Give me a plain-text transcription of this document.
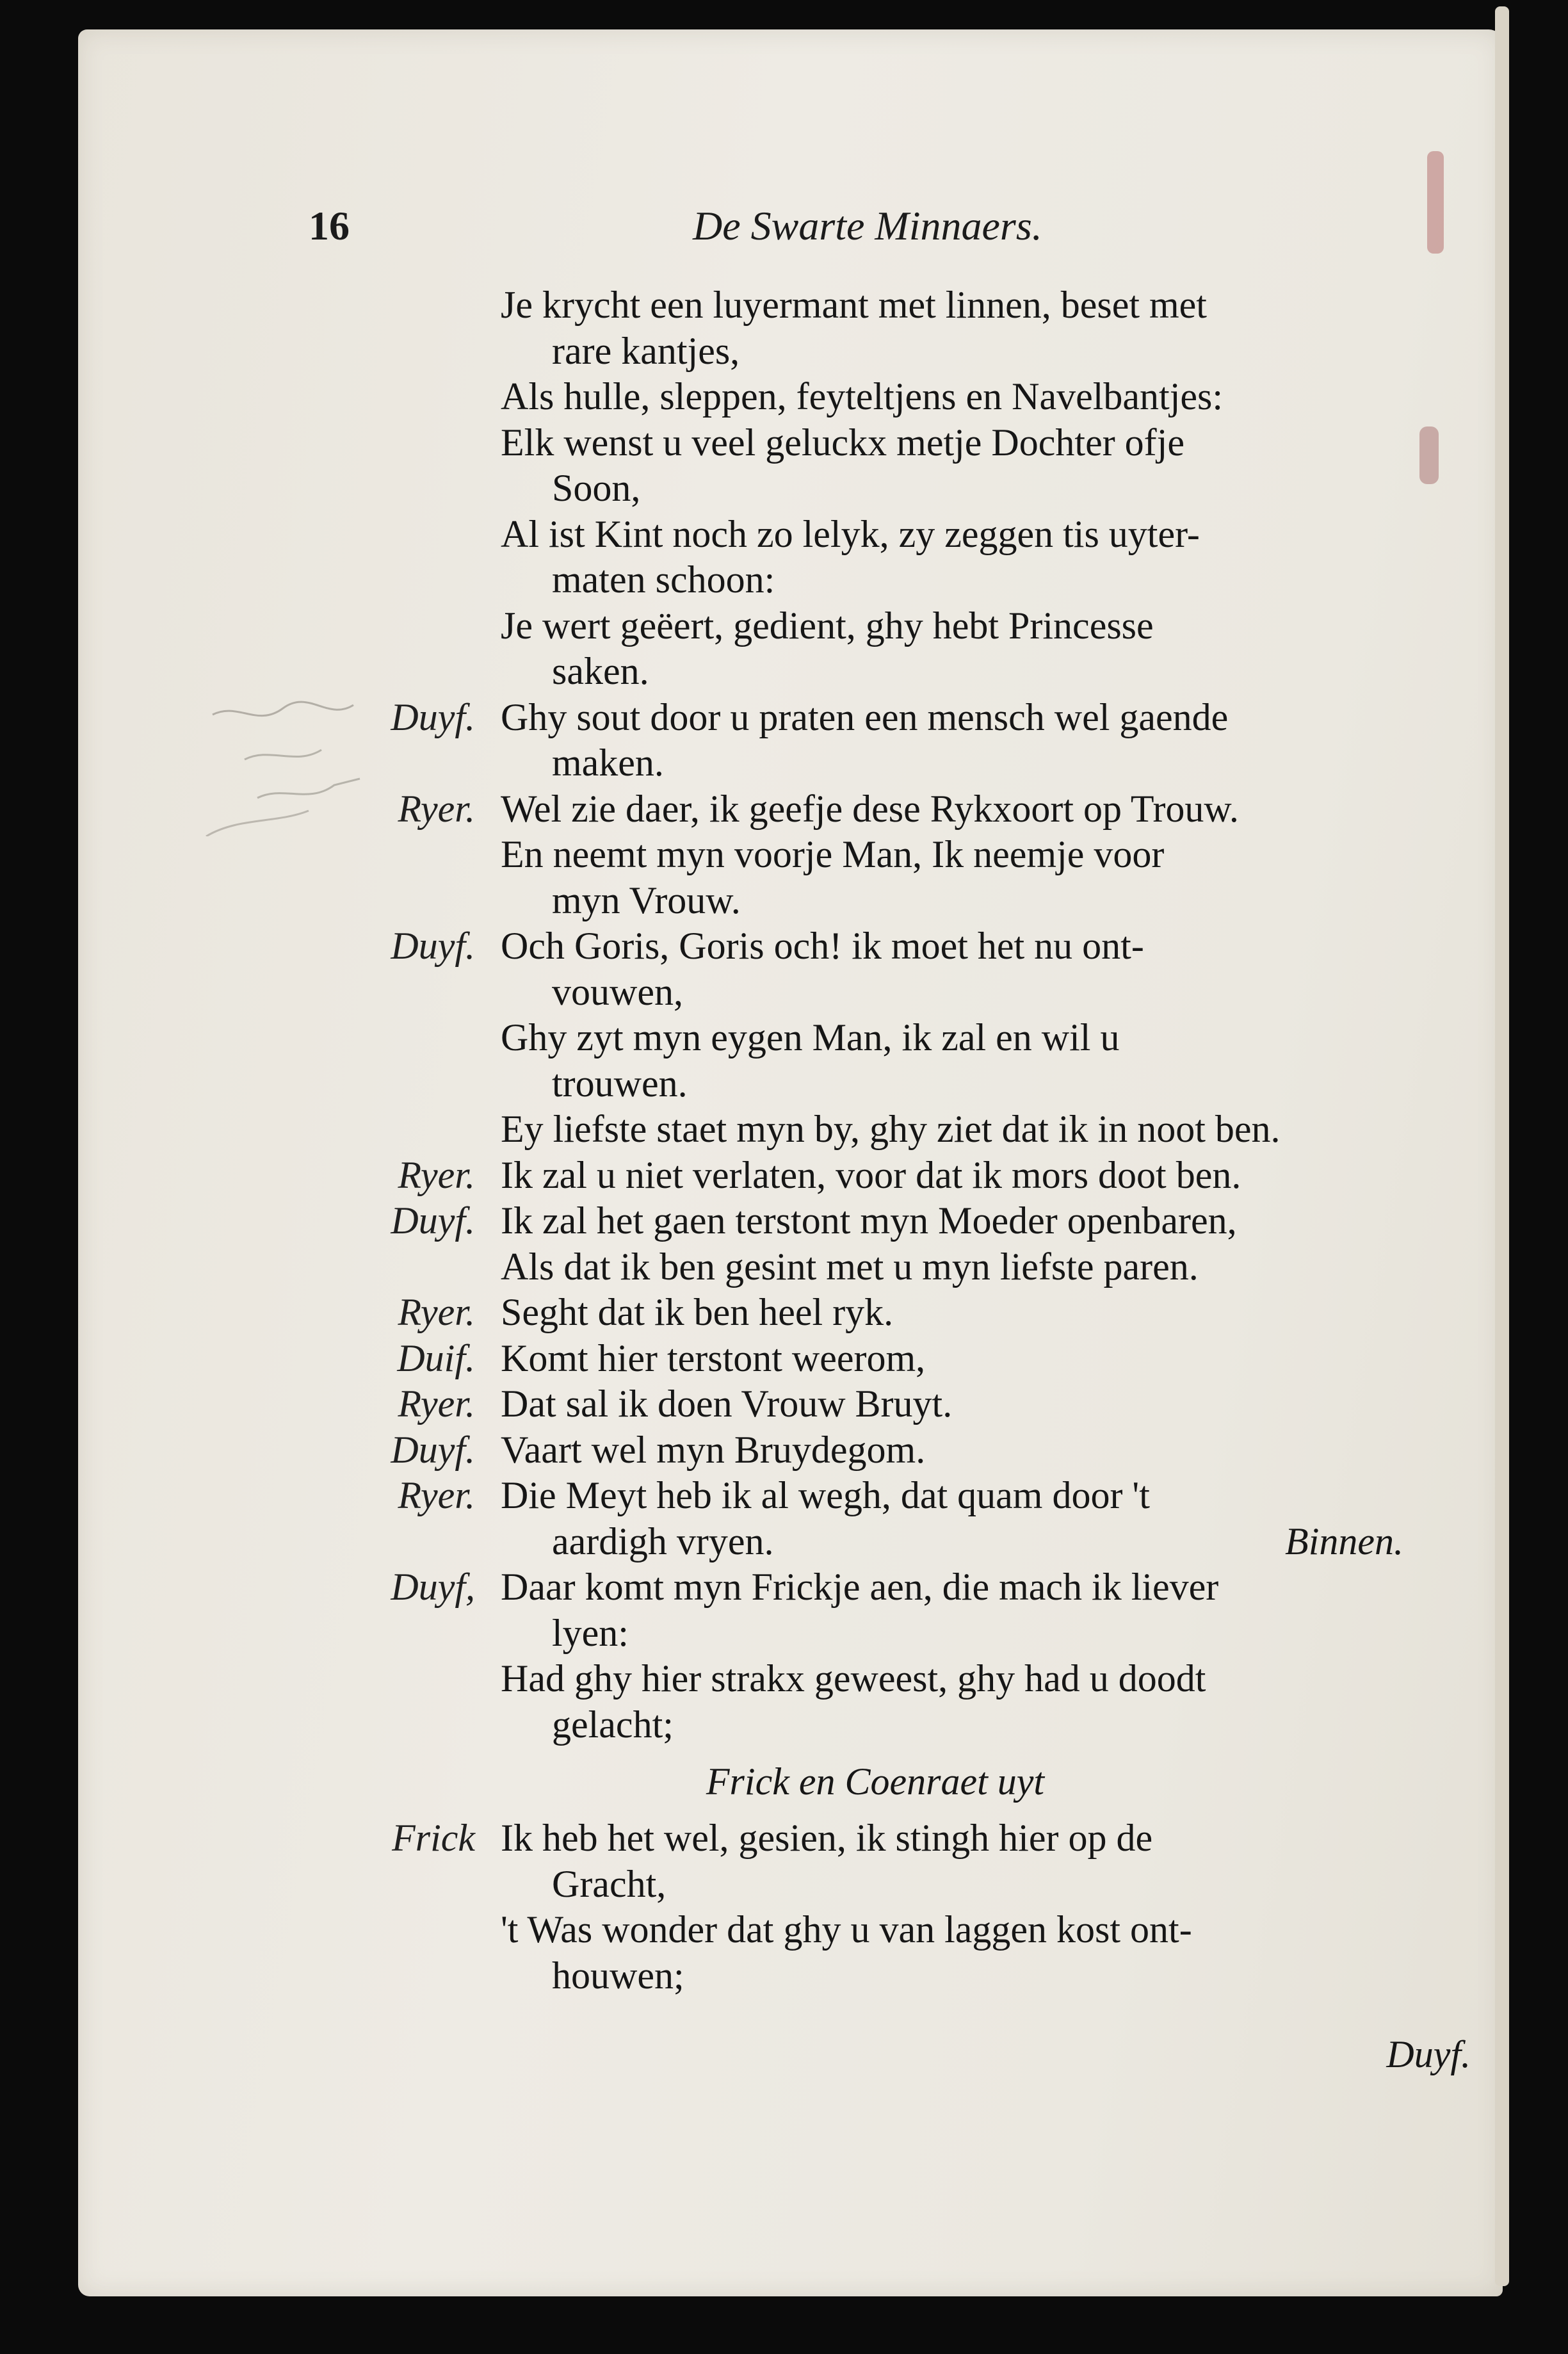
16	De Swarte Minnaers.
Je krycht een luyermant met linnen, beset met
rare kantjes,
Als hulle, sleppen, feyteltjens en Navelbantjes:
Elk wenst u veel geluckx metje Dochter ofje
Soon,
Al ist Kint noch zo lelyk, zy zeggen tis uyter-
maten schoon:
Je wert geëert, gedient, ghy hebt Princesse
saken.
Duyf. Ghy sout door u praten een mensch wel gaende
maken.
Ryer. Wel zie daer, ik geefje dese Rykxoort op Trouw.
En neemt myn voorje Man, Ik neemje voor
myn Vrouw.
Duyf. Och Goris, Goris och! ik moet het nu ont-
vouwen,
Ghy zyt myn eygen Man, ik zal en wil u
trouwen.
Ey liefste staet myn by, ghy ziet dat ik in noot ben.
Ryer. Ik zal u niet verlaten, voor dat ik mors doot ben.
Duyf. Ik zal het gaen terstont myn Moeder openbaren,
Als dat ik ben gesint met u myn liefste paren.
Ryer. Seght dat ik ben heel ryk.
Duif. Komt hier terstont weerom,
Ryer. Dat sal ik doen Vrouw Bruyt.
Duyf. Vaart wel myn Bruydegom.
Ryer. Die Meyt heb ik al wegh, dat quam door 't
aardigh vryen.	Binnen.
Duyf, Daar komt myn Frickje aen, die mach ik liever
lyen:
Had ghy hier strakx geweest, ghy had u doodt
gelacht;
Frick en Coenraet uyt
Frick Ik heb het wel, gesien, ik stingh hier op de
Gracht,
't Was wonder dat ghy u van laggen kost ont-
houwen;
Duyf.
